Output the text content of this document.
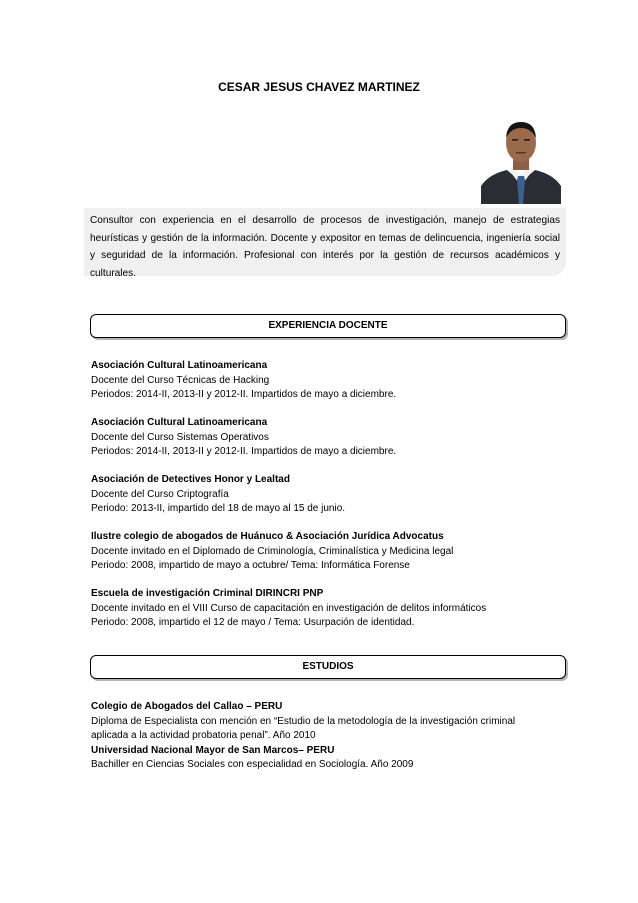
CESAR JESUS CHAVEZ MARTINEZ

Consultor con experiencia en el desarrollo de procesos de investigación, manejo de estrategias heurísticas y gestión de la información. Docente y expositor en temas de delincuencia, ingeniería social y seguridad de la información. Profesional con interés por la gestión de recursos académicos y culturales.

EXPERIENCIA DOCENTE
Asociación Cultural Latinoamericana
Docente del Curso Técnicas de Hacking
Periodos: 2014-II, 2013-II y 2012-II. Impartidos de mayo a diciembre.
Asociación Cultural Latinoamericana
Docente del Curso Sistemas Operativos
Periodos: 2014-II, 2013-II y 2012-II. Impartidos de mayo a diciembre.
Asociación de Detectives Honor y Lealtad
Docente del Curso Criptografía
Periodo: 2013-II, impartido del 18 de mayo al 15 de junio.
Ilustre colegio de abogados de Huánuco & Asociación Jurídica Advocatus
Docente invitado en el Diplomado de Criminología, Criminalística y Medicina legal
Periodo: 2008, impartido de mayo a octubre/ Tema: Informática Forense
Escuela de investigación Criminal DIRINCRI PNP
Docente invitado en el VIII Curso de capacitación en investigación de delitos informáticos
Periodo: 2008, impartido el 12 de mayo / Tema: Usurpación de identidad.
ESTUDIOS
Colegio de Abogados del Callao – PERU
Diploma de Especialista con mención en “Estudio de la metodología de la investigación criminal
aplicada a la actividad probatoria penal”. Año 2010
Universidad Nacional Mayor de San Marcos– PERU
Bachiller en Ciencias Sociales con especialidad en Sociología. Año 2009
